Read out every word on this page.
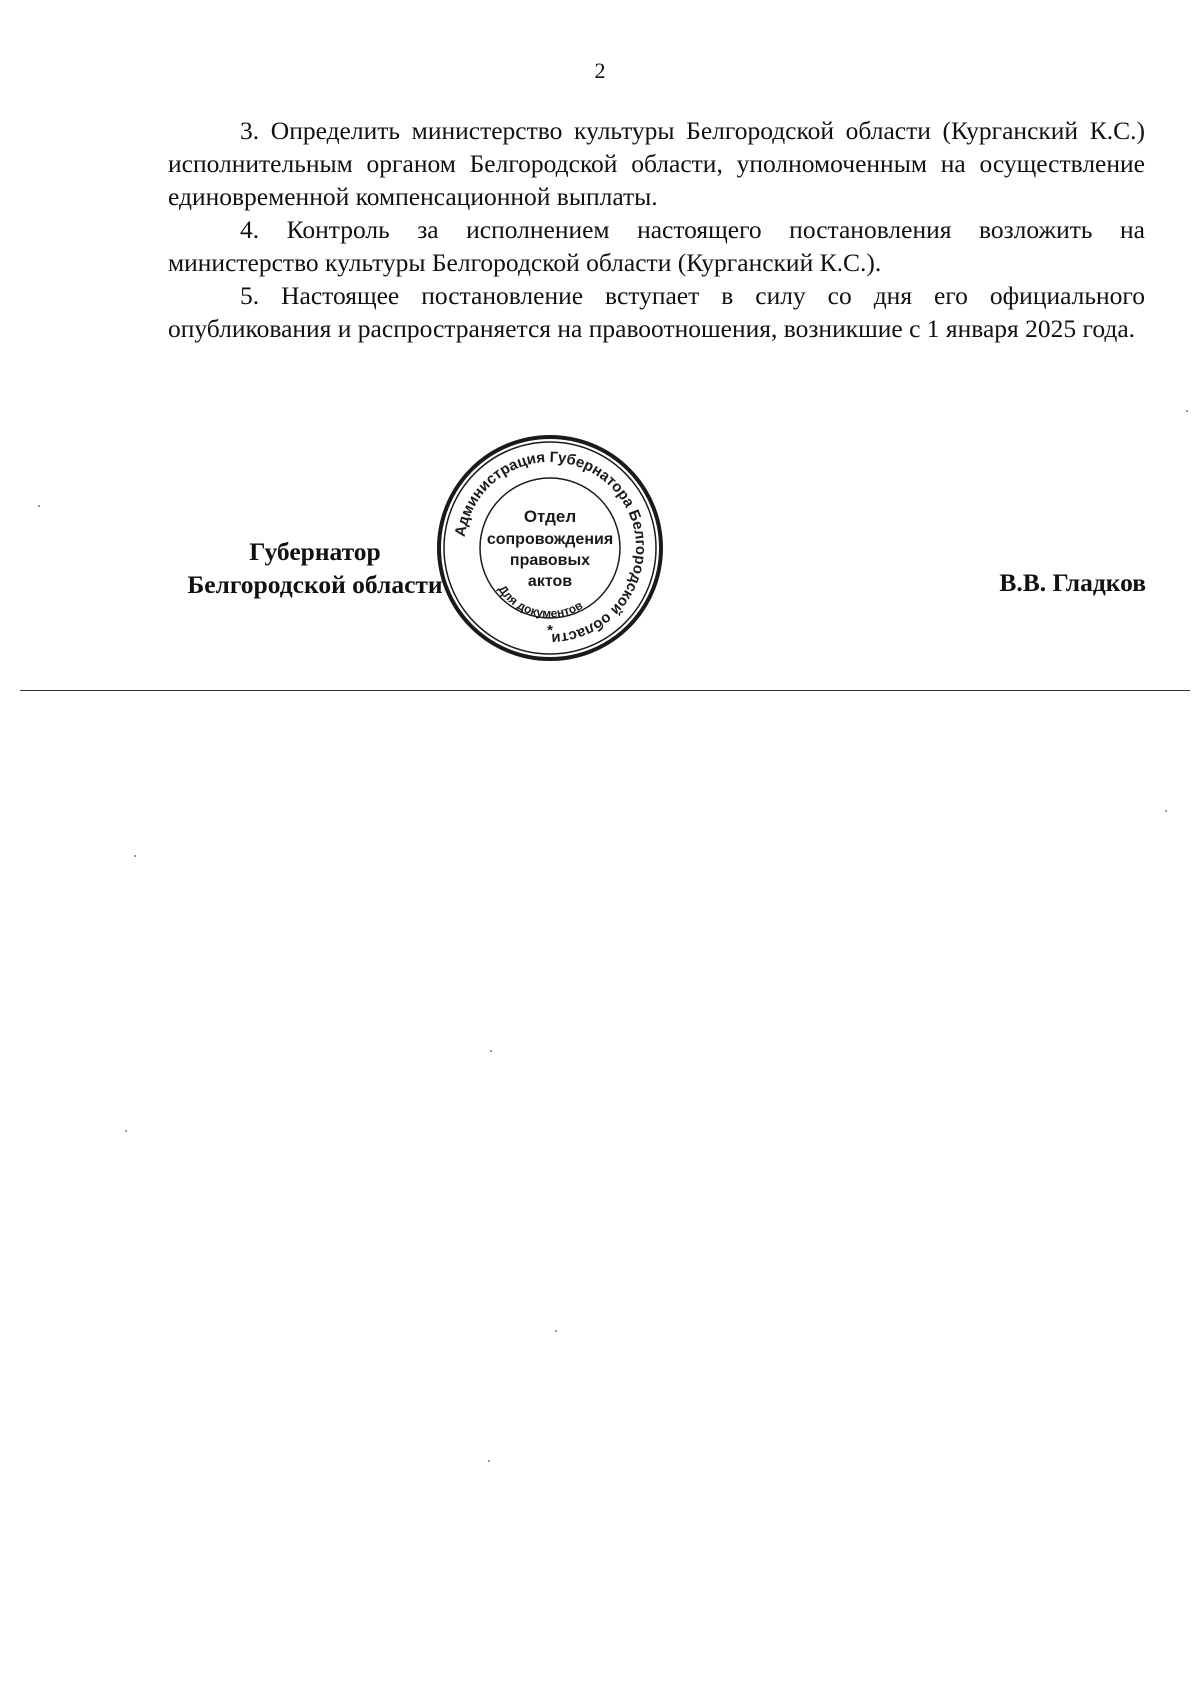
2

3. Определить министерство культуры Белгородской области (Курганский К.С.) исполнительным органом Белгородской области, уполномоченным на осуществление единовременной компенсационной выплаты.

4. Контроль за исполнением настоящего постановления возложить на министерство культуры Белгородской области (Курганский К.С.).

5. Настоящее постановление вступает в силу со дня его официального опубликования и распространяется на правоотношения, возникшие с 1 января 2025 года.

Губернатор
Белгородской области
Администрация Губернатора Белгородской области
Отдел
сопровождения
правовых
актов
Для документов
*
В.В. Гладков
